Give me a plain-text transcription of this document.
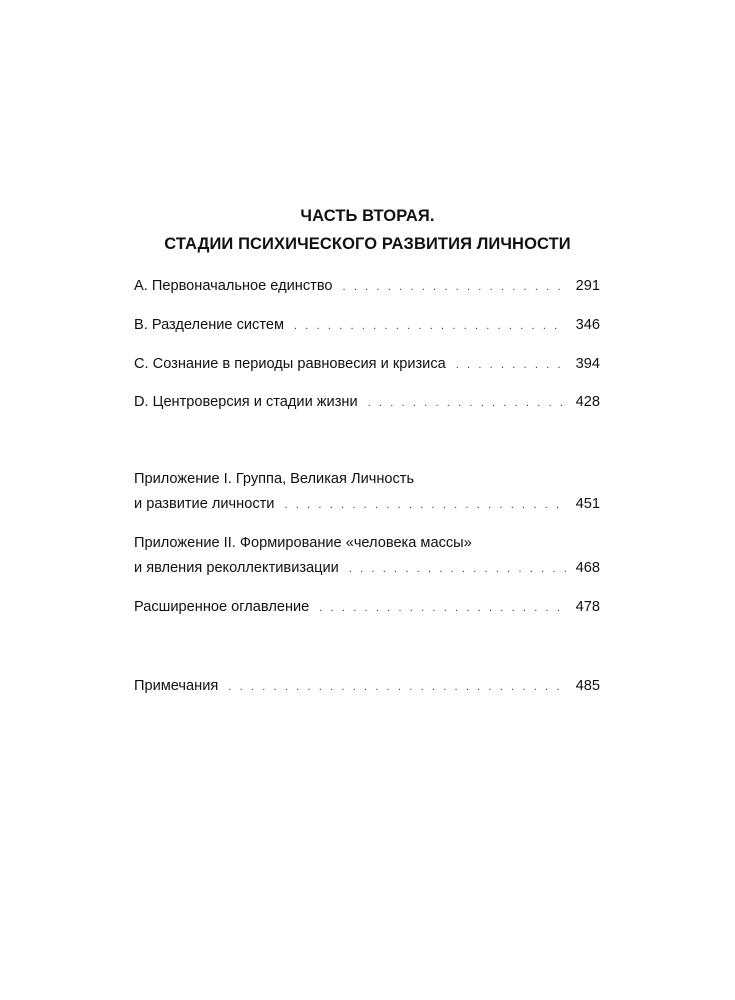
ЧАСТЬ ВТОРАЯ.
СТАДИИ ПСИХИЧЕСКОГО РАЗВИТИЯ ЛИЧНОСТИ
A. Первоначальное единство . . .	291
B. Разделение систем . . .	346
C. Сознание в периоды равновесия и кризиса . . .	394
D. Центроверсия и стадии жизни . . .	428
Приложение I. Группа, Великая Личность
и развитие личности . . .	451
Приложение II. Формирование «человека массы»
и явления реколлективизации . . .	468
Расширенное оглавление . . .	478
Примечания . . .	485
